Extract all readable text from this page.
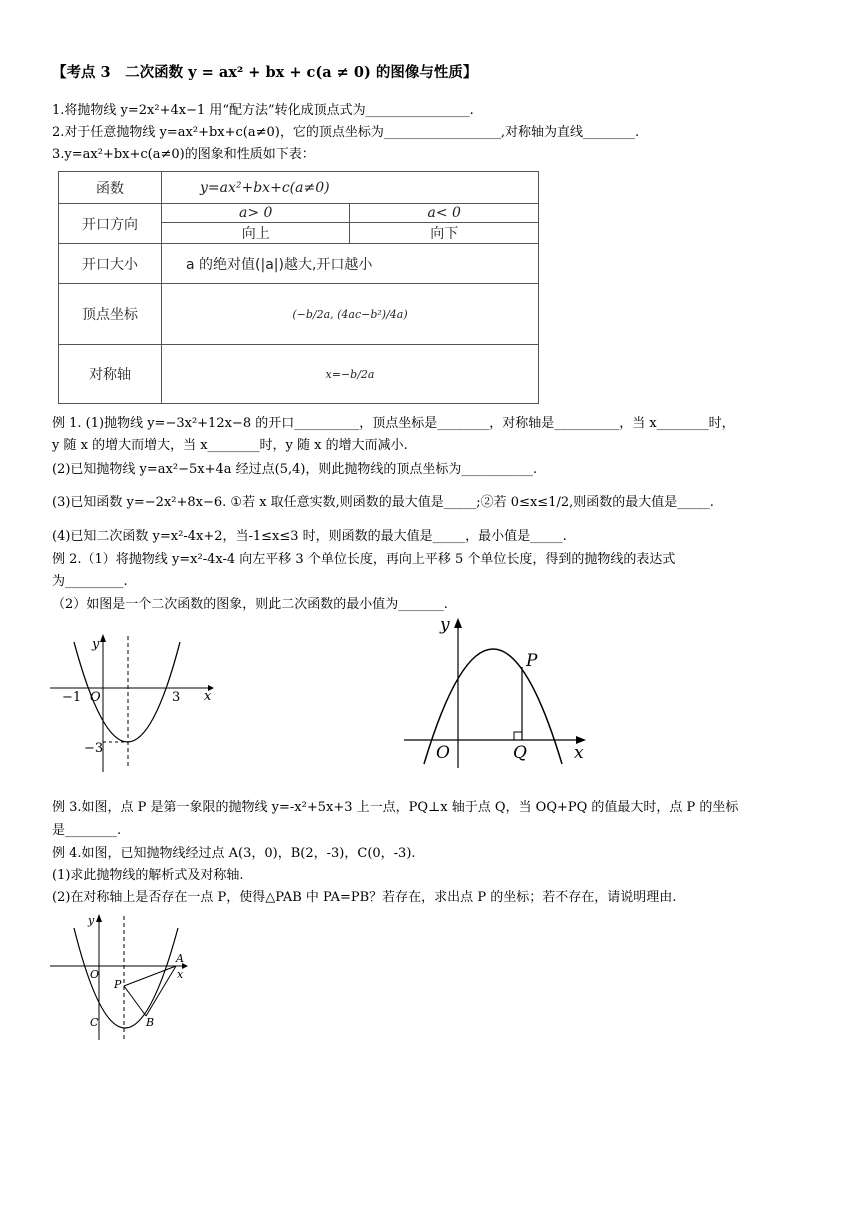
【考点 3　二次函数 y = ax² + bx + c(a ≠ 0) 的图像与性质】
1.将抛物线 y=2x²+4x−1 用“配方法”转化成顶点式为________________.
2.对于任意抛物线 y=ax²+bx+c(a≠0)，它的顶点坐标为__________________,对称轴为直线________.
3.y=ax²+bx+c(a≠0)的图象和性质如下表：
函数	y=ax²+bx+c(a≠0)	
开口方向	a> 0	a< 0
	向上	向下
开口大小	a 的绝对值(|a|)越大,开口越小	
顶点坐标	(−b/2a, (4ac−b²)/4a)	
对称轴	x=−b/2a	
例 1. (1)抛物线 y=−3x²+12x−8 的开口__________，顶点坐标是________，对称轴是__________，当 x________时，
y 随 x 的增大而增大，当 x________时，y 随 x 的增大而减小.
(2)已知抛物线 y=ax²−5x+4a 经过点(5,4)，则此抛物线的顶点坐标为___________.
(3)已知函数 y=−2x²+8x−6. ①若 x 取任意实数,则函数的最大值是_____;②若 0≤x≤1/2,则函数的最大值是_____.
(4)已知二次函数 y=x²-4x+2，当-1≤x≤3 时，则函数的最大值是_____，最小值是_____.
例 2.（1）将抛物线 y=x²-4x-4 向左平移 3 个单位长度，再向上平移 5 个单位长度，得到的抛物线的表达式
为_________.
（2）如图是一个二次函数的图象，则此二次函数的最小值为_______.
y
x
O
−1	3
−3
y
x
O
P
Q
例 3.如图，点 P 是第一象限的抛物线 y=-x²+5x+3 上一点，PQ⊥x 轴于点 Q，当 OQ+PQ 的值最大时，点 P 的坐标
是________.
例 4.如图，已知抛物线经过点 A(3，0)，B(2，-3)，C(0，-3).
(1)求此抛物线的解析式及对称轴.
(2)在对称轴上是否存在一点 P，使得△PAB 中 PA=PB？若存在，求出点 P 的坐标；若不存在，请说明理由.
y
x
O
A
B
C
P
